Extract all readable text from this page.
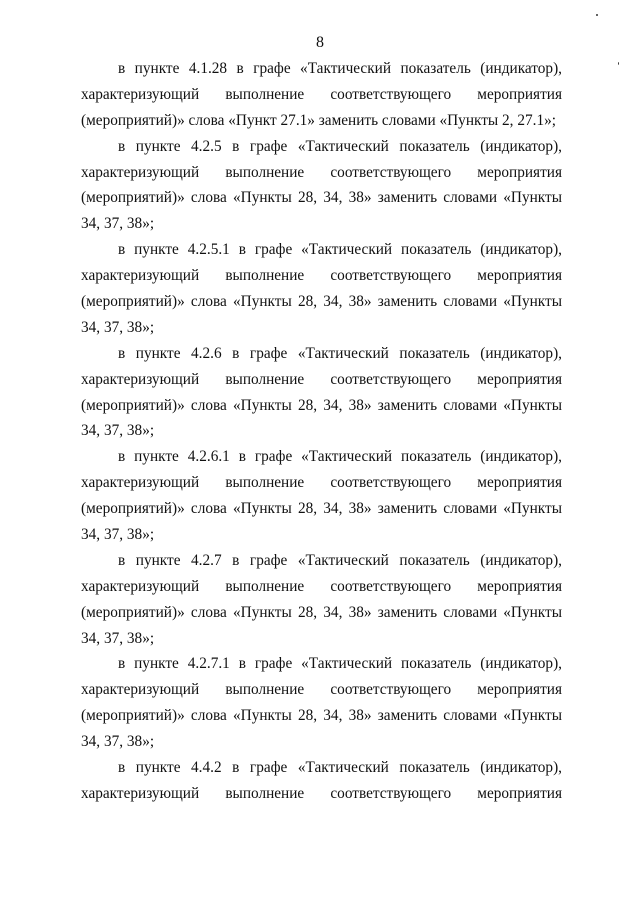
8
в пункте 4.1.28 в графе «Тактический показатель (индикатор),
характеризующий выполнение соответствующего мероприятия
(мероприятий)» слова «Пункт 27.1» заменить словами «Пункты 2, 27.1»;
в пункте 4.2.5 в графе «Тактический показатель (индикатор),
характеризующий выполнение соответствующего мероприятия
(мероприятий)» слова «Пункты 28, 34, 38» заменить словами «Пункты
34, 37, 38»;
в пункте 4.2.5.1 в графе «Тактический показатель (индикатор),
характеризующий выполнение соответствующего мероприятия
(мероприятий)» слова «Пункты 28, 34, 38» заменить словами «Пункты
34, 37, 38»;
в пункте 4.2.6 в графе «Тактический показатель (индикатор),
характеризующий выполнение соответствующего мероприятия
(мероприятий)» слова «Пункты 28, 34, 38» заменить словами «Пункты
34, 37, 38»;
в пункте 4.2.6.1 в графе «Тактический показатель (индикатор),
характеризующий выполнение соответствующего мероприятия
(мероприятий)» слова «Пункты 28, 34, 38» заменить словами «Пункты
34, 37, 38»;
в пункте 4.2.7 в графе «Тактический показатель (индикатор),
характеризующий выполнение соответствующего мероприятия
(мероприятий)» слова «Пункты 28, 34, 38» заменить словами «Пункты
34, 37, 38»;
в пункте 4.2.7.1 в графе «Тактический показатель (индикатор),
характеризующий выполнение соответствующего мероприятия
(мероприятий)» слова «Пункты 28, 34, 38» заменить словами «Пункты
34, 37, 38»;
в пункте 4.4.2 в графе «Тактический показатель (индикатор),
характеризующий выполнение соответствующего мероприятия
